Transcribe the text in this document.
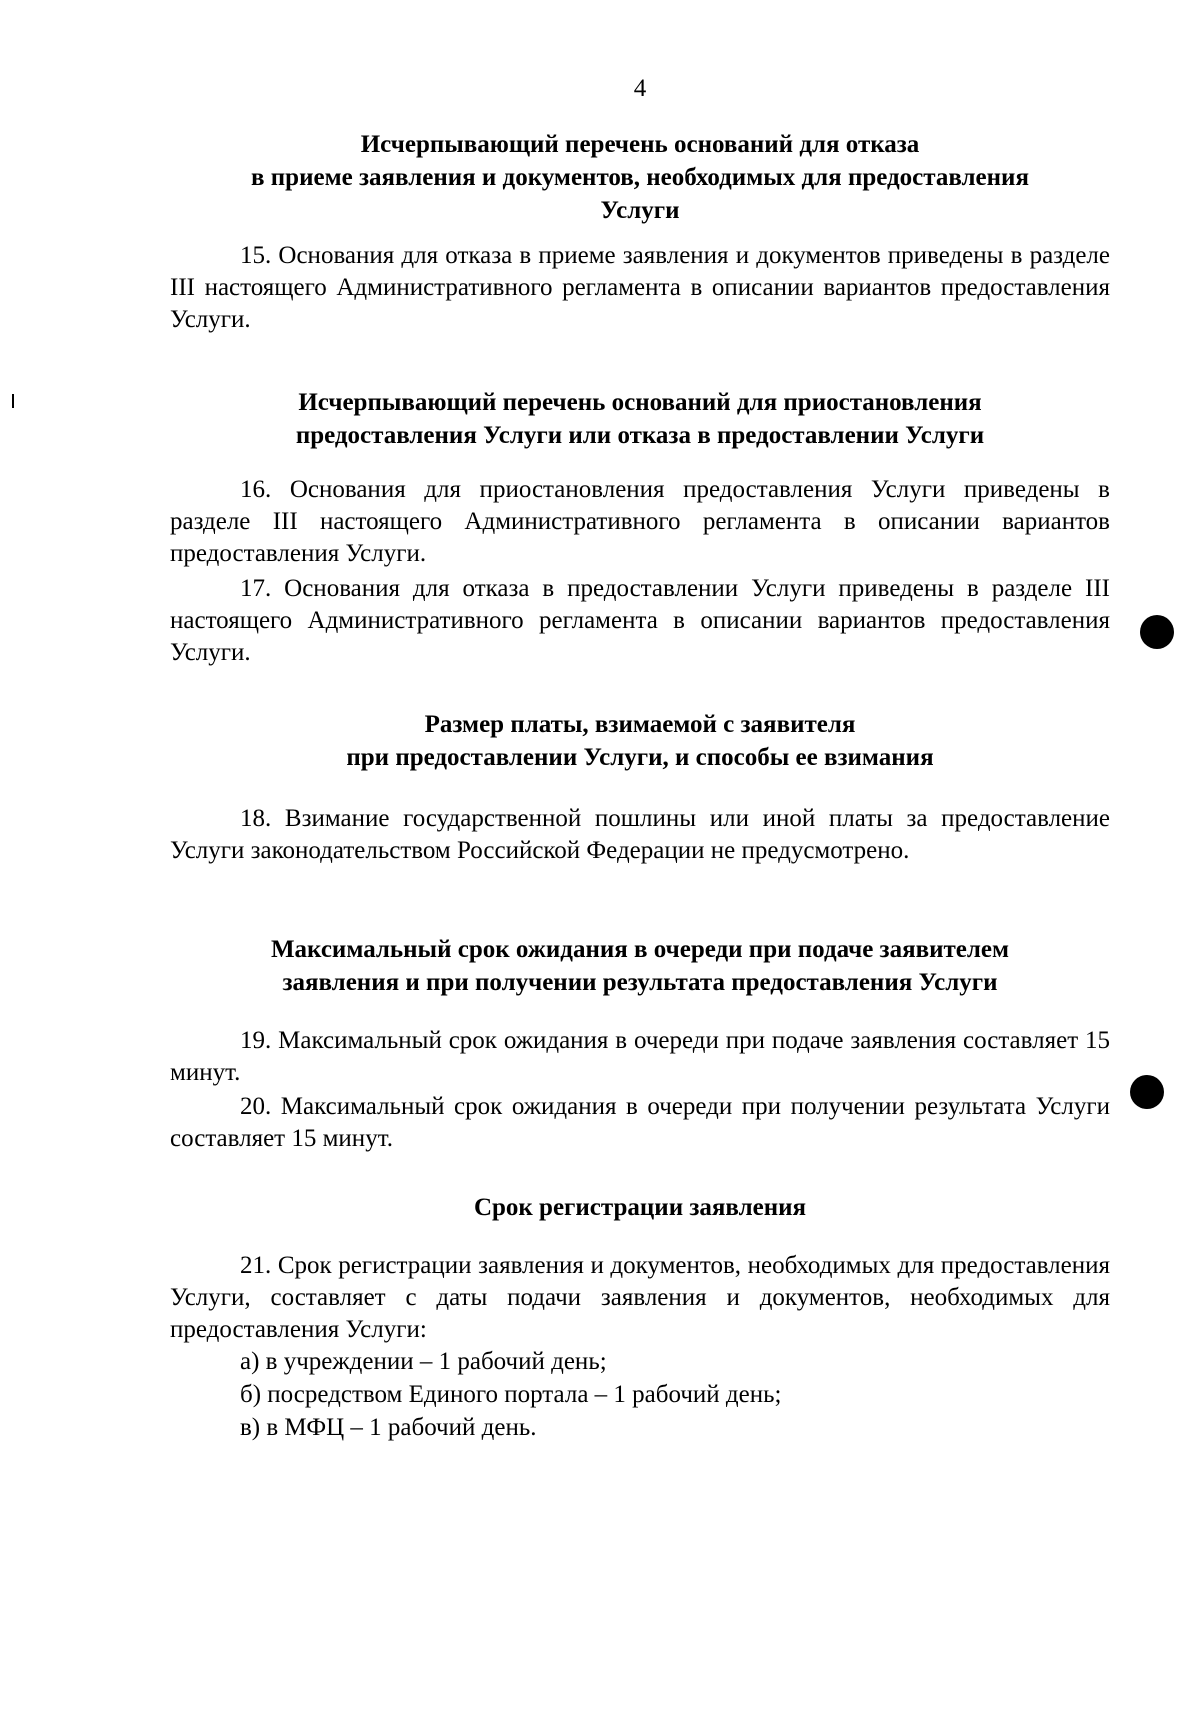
4
Исчерпывающий перечень оснований для отказа
в приеме заявления и документов, необходимых для предоставления
Услуги
15. Основания для отказа в приеме заявления и документов приведены в разделе III настоящего Административного регламента в описании вариантов предоставления Услуги.
Исчерпывающий перечень оснований для приостановления
предоставления Услуги или отказа в предоставлении Услуги
16. Основания для приостановления предоставления Услуги приведены в разделе III настоящего Административного регламента в описании вариантов предоставления Услуги.
17. Основания для отказа в предоставлении Услуги приведены в разделе III настоящего Административного регламента в описании вариантов предоставления Услуги.
Размер платы, взимаемой с заявителя
при предоставлении Услуги, и способы ее взимания
18. Взимание государственной пошлины или иной платы за предоставление Услуги законодательством Российской Федерации не предусмотрено.
Максимальный срок ожидания в очереди при подаче заявителем
заявления и при получении результата предоставления Услуги
19. Максимальный срок ожидания в очереди при подаче заявления составляет 15 минут.
20. Максимальный срок ожидания в очереди при получении результата Услуги составляет 15 минут.
Срок регистрации заявления
21. Срок регистрации заявления и документов, необходимых для предоставления Услуги, составляет с даты подачи заявления и документов, необходимых для предоставления Услуги:
а) в учреждении – 1 рабочий день;
б) посредством Единого портала – 1 рабочий день;
в) в МФЦ – 1 рабочий день.
